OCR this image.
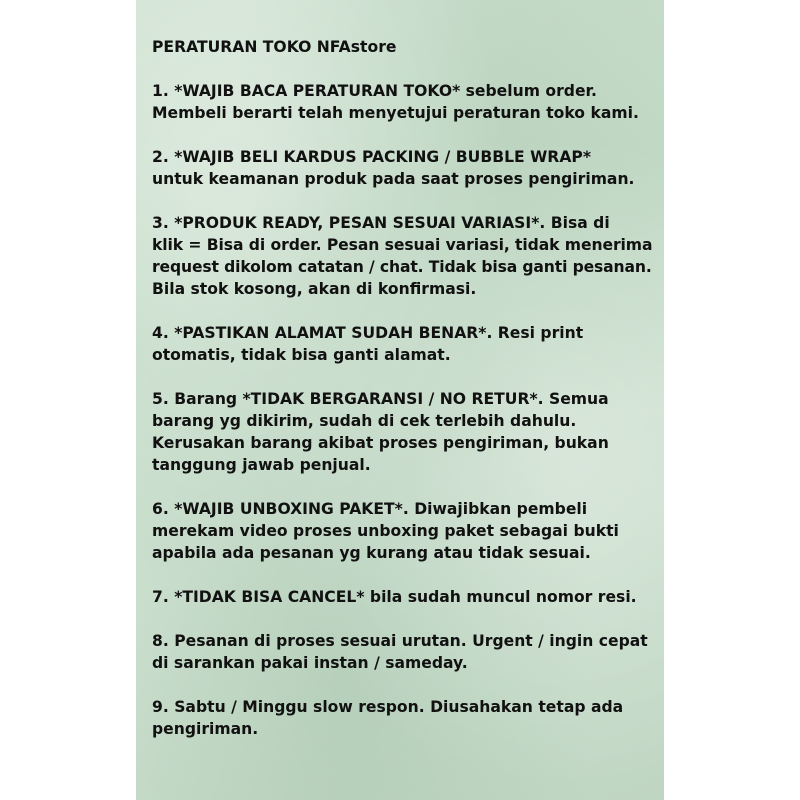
PERATURAN TOKO NFAstore
1. *WAJIB BACA PERATURAN TOKO* sebelum order.
Membeli berarti telah menyetujui peraturan toko kami.
2. *WAJIB BELI KARDUS PACKING / BUBBLE WRAP*
untuk keamanan produk pada saat proses pengiriman.
3. *PRODUK READY, PESAN SESUAI VARIASI*. Bisa di
klik = Bisa di order. Pesan sesuai variasi, tidak menerima
request dikolom catatan / chat. Tidak bisa ganti pesanan.
Bila stok kosong, akan di konfirmasi.
4. *PASTIKAN ALAMAT SUDAH BENAR*. Resi print
otomatis, tidak bisa ganti alamat.
5. Barang *TIDAK BERGARANSI / NO RETUR*. Semua
barang yg dikirim, sudah di cek terlebih dahulu.
Kerusakan barang akibat proses pengiriman, bukan
tanggung jawab penjual.
6. *WAJIB UNBOXING PAKET*. Diwajibkan pembeli
merekam video proses unboxing paket sebagai bukti
apabila ada pesanan yg kurang atau tidak sesuai.
7. *TIDAK BISA CANCEL* bila sudah muncul nomor resi.
8. Pesanan di proses sesuai urutan. Urgent / ingin cepat
di sarankan pakai instan / sameday.
9. Sabtu / Minggu slow respon. Diusahakan tetap ada
pengiriman.
